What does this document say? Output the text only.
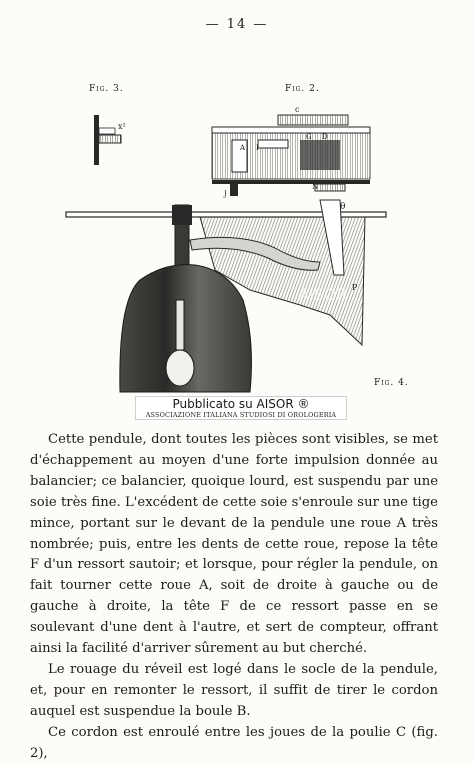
— 14 —
Fig. 3.	Fig. 2.
Fig. 4.
x²
c
G D
A I
N
J
θ
P
AISOR
Pubblicato su AISOR ®
ASSOCIAZIONE ITALIANA STUDIOSI DI OROLOGERIA

Cette pendule, dont toutes les pièces sont visibles, se met d'échappement au moyen d'une forte impulsion donnée au balancier; ce balancier, quoique lourd, est suspendu par une soie très fine. L'excédent de cette soie s'enroule sur une tige mince, portant sur le devant de la pendule une roue A très nombrée; puis, entre les dents de cette roue, repose la tête F d'un ressort sautoir; et lorsque, pour régler la pendule, on fait tourner cette roue A, soit de droite à gauche ou de gauche à droite, la tête F de ce ressort passe en se soulevant d'une dent à l'autre, et sert de compteur, offrant ainsi la facilité d'arriver sûrement au but cherché.

Le rouage du réveil est logé dans le socle de la pendule, et, pour en remonter le ressort, il suffit de tirer le cordon auquel est suspendue la boule B.

Ce cordon est enroulé entre les joues de la poulie C (fig. 2),
